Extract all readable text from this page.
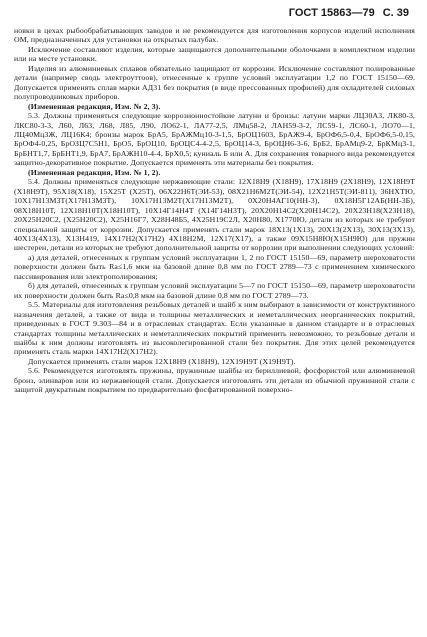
ГОСТ 15863—79 С. 39

новки в цехах рыбообрабатывающих заводов и не рекомендуется для изготовления корпусов изделий исполнения ОМ, предназначенных для установки на открытых палубах.

Исключение составляют изделия, которые защищаются дополнительными оболочками в комплектном изделии или на месте установки.

Изделия из алюминиевых сплавов обязательно защищают от коррозии. Исключение составляют полированные детали (например сводь электроуттоов), отнесенные к группе условий эксплуатации 1,2 по ГОСТ 15150—69. Допускается применять сплав марки АД31 без покрытия (в виде прессованных профилей) для охладителей силовых полупроводниковых приборов.

(Измененная редакция, Изм. № 2, 3).

5.3. Должны применяться следующие коррозионностойкие латуни и бронзы: латуни марки ЛЦ30А3, ЛК80-3, ЛКС80-3-3, Л60, Л63, Л68, Л85, Л90, ЛО62-1, ЛА77-2,5, ЛМц58-2, ЛАН59-3-2, ЛС59-1, ЛС60-1, ЛО70—1, ЛЦ40Мц3Ж, ЛЦ16К4; бронзы марок БрА5, БрАЖМц10-3-1,5, БрОЦ1603, БрАЖ9-4, БрОФ6,5-0,4, БрОФ6,5-0,15, БрОФ4-0,25, БрОЗЦ7С5Н1, БрО5, БрОЦ10, БрОЦС4-4-2,5, БрОЦ14-3, БрОЦН6-3-6, БрБ2, БрАМц9-2, БрКМц3-1, БрБНТ1,7, БрБНТ1,9, БрА7, БрАЖН10-4-4, БрХ0,5; куниаль Б или А. Для сохранения товарного вида рекомендуется защитно-декоративное покрытие. Допускается применять эти материалы без покрытия.

(Измененная редакция, Изм. № 1, 2).

5.4. Должны применяться следующие нержавеющие стали: 12Х18Н9 (Х18Н9), 17Х18Н9 (2Х18Н9), 12Х18Н9Т (Х18Н9Т), 95Х18(Х18), 15Х25Т (Х25Т), 06Х22Н6Т(ЭИ-53), 08Х21Н6М2Т(ЭИ-54), 12Х21Н5Т(ЭИ-811), 36НХТЮ, 10Х17Н13М3Т(Х17Н13М3Т), 10Х17Н13М2Т(Х17Н13М2Т), 0Х20Н4АГ10(НН-3), 0Х18Н5Г12АБ(НН-3Б), 08Х18Н10Т, 12Х18Н10Т(Х18Н10Т), 10Х14Г14Н4Т (Х14Г14Н3Т), 20Х20Н14С2(Х20Н14С2), 20Х23Н18(Х23Н18), 20Х25Н20С2, (Х25Н20С2), Х25Н16Г7, Х28Н48Б5, 4Х25Н19С2Л, Х20Н80, Х1770Ю, детали из которых не требуют специальной защиты от коррозии. Допускается применять стали марок 18Х13(1Х13), 20Х13(2Х13), 30Х13(3Х13), 40Х13(4Х13), Х13Н419, 14Х17Н2(Х17Н2) 4Х18Н2М, 12Х17(Х17), а также 09Х15Н8Ю(Х15Н9Ю) для пружин шестерен, детали из которых не требуют дополнительной защиты от коррозии при выполнении следующих условий:

а) для деталей, отнесенных к группам условий эксплуатации 1, 2 по ГОСТ 15150—69, параметр шероховатости поверхности должен быть Ra≤1,6 мкм на базовой длине 0,8 мм по ГОСТ 2789—73 с применением химического пассивирования или электрополирования;

б) для деталей, отнесенных к группам условий эксплуатации 5—7 по ГОСТ 15150—69, параметр шероховатости их поверхности должен быть Ra≤0,8 мкм на базовой длине 0,8 мм по ГОСТ 2789—73.

5.5. Материалы для изготовления резьбовых деталей и шайб к ним выбирают в зависимости от конструктивного назначения деталей, а также от вида и толщины металлических и неметаллических неорганических покрытий, приведенных в ГОСТ 9.303—84 и в отраслевых стандартах. Если указанные в данном стандарте и в отраслевых стандартах толщины металлических и неметаллических покрытий применить невозможно, то резьбовые детали и шайбы к ним должны изготовлять из высоколегированной стали без покрытия. Для этих целей рекомендуется применять сталь марки 14Х17Н2(Х17Н2).

Допускается применять стали марок 12Х18Н9 (Х18Н9), 12Х19Н9Т (Х19Н9Т).

5.6. Рекомендуется изготовлять пружины, пружинные шайбы из бериллиевой, фосфористой или алюминиевой бронз, элинваров или из нержавеющей стали. Допускается изготовлять эти детали из обычной пружинной стали с защитой двукратным покрытием по предварительно фосфатированной поверхно-
